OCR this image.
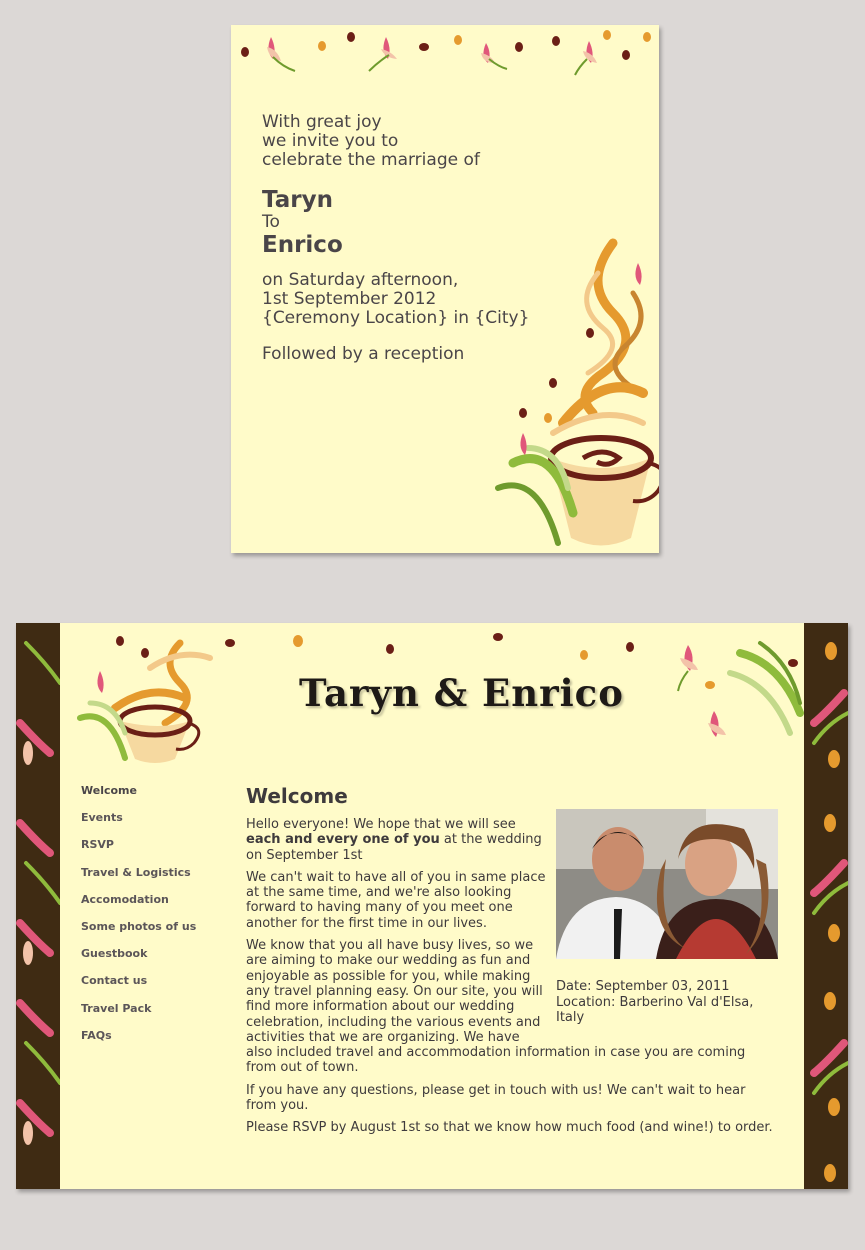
With great joy
we invite you to
celebrate the marriage of
Taryn
To
Enrico
on Saturday afternoon,
1st September 2012
{Ceremony Location} in {City}
Followed by a reception
Taryn & Enrico
Welcome
Events
RSVP
Travel & Logistics
Accomodation
Some photos of us
Guestbook
Contact us
Travel Pack
FAQs
Welcome
Date: September 03, 2011
Location: Barberino Val d'Elsa,
Italy

Hello everyone! We hope that we will see each and every one of you at the wedding on September 1st

We can't wait to have all of you in same place at the same time, and we're also looking forward to having many of you meet one another for the first time in our lives.

We know that you all have busy lives, so we are aiming to make our wedding as fun and enjoyable as possible for you, while making any travel planning easy. On our site, you will find more information about our wedding celebration, including the various events and activities that we are organizing. We have also included travel and accommodation information in case you are coming from out of town.

If you have any questions, please get in touch with us! We can't wait to hear from you.

Please RSVP by August 1st so that we know how much food (and wine!) to order.
